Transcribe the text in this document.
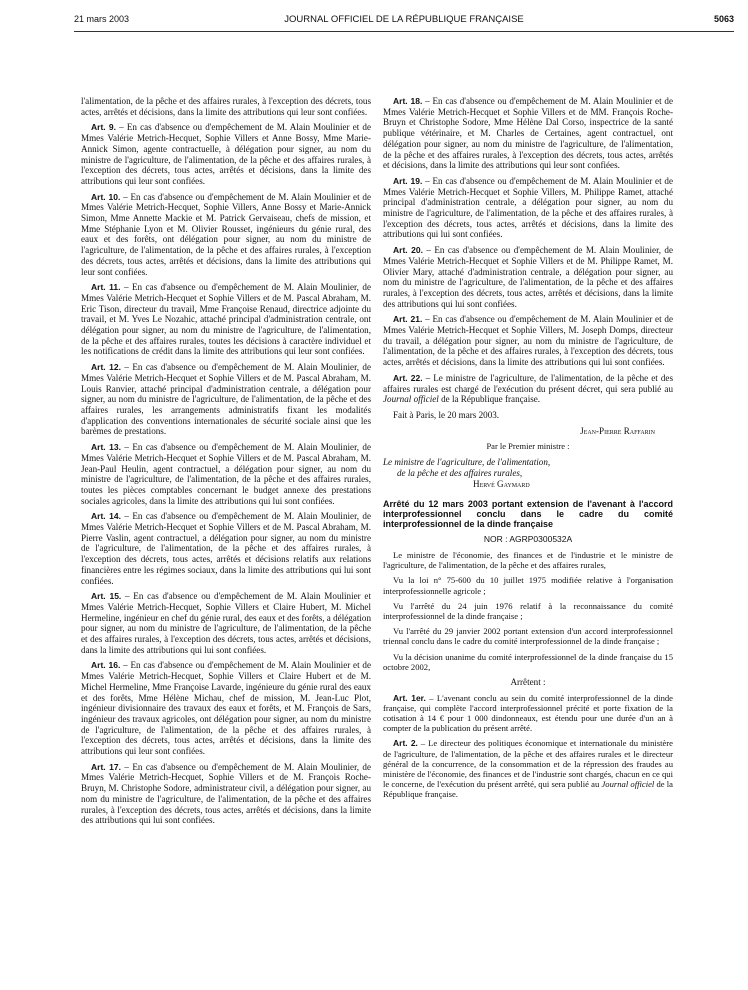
21 mars 2003	JOURNAL OFFICIEL DE LA RÉPUBLIQUE FRANÇAISE	5063

l'alimentation, de la pêche et des affaires rurales, à l'exception des décrets, tous actes, arrêtés et décisions, dans la limite des attributions qui leur sont confiées.

Art. 9. – En cas d'absence ou d'empêchement de M. Alain Moulinier et de Mmes Valérie Metrich-Hecquet, Sophie Villers et Anne Bossy, Mme Marie-Annick Simon, agente contractuelle, à délégation pour signer, au nom du ministre de l'agriculture, de l'alimentation, de la pêche et des affaires rurales, à l'exception des décrets, tous actes, arrêtés et décisions, dans la limite des attributions qui leur sont confiées.

Art. 10. – En cas d'absence ou d'empêchement de M. Alain Moulinier et de Mmes Valérie Metrich-Hecquet, Sophie Villers, Anne Bossy et Marie-Annick Simon, Mme Annette Mackie et M. Patrick Gervaiseau, chefs de mission, et Mme Stéphanie Lyon et M. Olivier Rousset, ingénieurs du génie rural, des eaux et des forêts, ont délégation pour signer, au nom du ministre de l'agriculture, de l'alimentation, de la pêche et des affaires rurales, à l'exception des décrets, tous actes, arrêtés et décisions, dans la limite des attributions qui leur sont confiées.

Art. 11. – En cas d'absence ou d'empêchement de M. Alain Moulinier, de Mmes Valérie Metrich-Hecquet et Sophie Villers et de M. Pascal Abraham, M. Eric Tison, directeur du travail, Mme Françoise Renaud, directrice adjointe du travail, et M. Yves Le Nozahic, attaché principal d'administration centrale, ont délégation pour signer, au nom du ministre de l'agriculture, de l'alimentation, de la pêche et des affaires rurales, toutes les décisions à caractère individuel et les notifications de crédit dans la limite des attributions qui leur sont confiées.

Art. 12. – En cas d'absence ou d'empêchement de M. Alain Moulinier, de Mmes Valérie Metrich-Hecquet et Sophie Villers et de M. Pascal Abraham, M. Louis Ranvier, attaché principal d'administration centrale, a délégation pour signer, au nom du ministre de l'agriculture, de l'alimentation, de la pêche et des affaires rurales, les arrangements administratifs fixant les modalités d'application des conventions internationales de sécurité sociale ainsi que les barèmes de prestations.

Art. 13. – En cas d'absence ou d'empêchement de M. Alain Moulinier, de Mmes Valérie Metrich-Hecquet et Sophie Villers et de M. Pascal Abraham, M. Jean-Paul Heulin, agent contractuel, a délégation pour signer, au nom du ministre de l'agriculture, de l'alimentation, de la pêche et des affaires rurales, toutes les pièces comptables concernant le budget annexe des prestations sociales agricoles, dans la limite des attributions qui lui sont confiées.

Art. 14. – En cas d'absence ou d'empêchement de M. Alain Moulinier, de Mmes Valérie Metrich-Hecquet et Sophie Villers et de M. Pascal Abraham, M. Pierre Vaslin, agent contractuel, a délégation pour signer, au nom du ministre de l'agriculture, de l'alimentation, de la pêche et des affaires rurales, à l'exception des décrets, tous actes, arrêtés et décisions relatifs aux relations financières entre les régimes sociaux, dans la limite des attributions qui lui sont confiées.

Art. 15. – En cas d'absence ou d'empêchement de M. Alain Moulinier et Mmes Valérie Metrich-Hecquet, Sophie Villers et Claire Hubert, M. Michel Hermeline, ingénieur en chef du génie rural, des eaux et des forêts, a délégation pour signer, au nom du ministre de l'agriculture, de l'alimentation, de la pêche et des affaires rurales, à l'exception des décrets, tous actes, arrêtés et décisions, dans la limite des attributions qui lui sont confiées.

Art. 16. – En cas d'absence ou d'empêchement de M. Alain Moulinier et de Mmes Valérie Metrich-Hecquet, Sophie Villers et Claire Hubert et de M. Michel Hermeline, Mme Françoise Lavarde, ingénieure du génie rural des eaux et des forêts, Mme Hélène Michau, chef de mission, M. Jean-Luc Plot, ingénieur divisionnaire des travaux des eaux et forêts, et M. François de Sars, ingénieur des travaux agricoles, ont délégation pour signer, au nom du ministre de l'agriculture, de l'alimentation, de la pêche et des affaires rurales, à l'exception des décrets, tous actes, arrêtés et décisions, dans la limite des attributions qui leur sont confiées.

Art. 17. – En cas d'absence ou d'empêchement de M. Alain Moulinier, de Mmes Valérie Metrich-Hecquet, Sophie Villers et de M. François Roche-Bruyn, M. Christophe Sodore, administrateur civil, a délégation pour signer, au nom du ministre de l'agriculture, de l'alimentation, de la pêche et des affaires rurales, à l'exception des décrets, tous actes, arrêtés et décisions, dans la limite des attributions qui lui sont confiées.

Art. 18. – En cas d'absence ou d'empêchement de M. Alain Moulinier et de Mmes Valérie Metrich-Hecquet et Sophie Villers et de MM. François Roche-Bruyn et Christophe Sodore, Mme Hélène Dal Corso, inspectrice de la santé publique vétérinaire, et M. Charles de Certaines, agent contractuel, ont délégation pour signer, au nom du ministre de l'agriculture, de l'alimentation, de la pêche et des affaires rurales, à l'exception des décrets, tous actes, arrêtés et décisions, dans la limite des attributions qui leur sont confiées.

Art. 19. – En cas d'absence ou d'empêchement de M. Alain Moulinier et de Mmes Valérie Metrich-Hecquet et Sophie Villers, M. Philippe Ramet, attaché principal d'administration centrale, a délégation pour signer, au nom du ministre de l'agriculture, de l'alimentation, de la pêche et des affaires rurales, à l'exception des décrets, tous actes, arrêtés et décisions, dans la limite des attributions qui lui sont confiées.

Art. 20. – En cas d'absence ou d'empêchement de M. Alain Moulinier, de Mmes Valérie Metrich-Hecquet et Sophie Villers et de M. Philippe Ramet, M. Olivier Mary, attaché d'administration centrale, a délégation pour signer, au nom du ministre de l'agriculture, de l'alimentation, de la pêche et des affaires rurales, à l'exception des décrets, tous actes, arrêtés et décisions, dans la limite des attributions qui lui sont confiées.

Art. 21. – En cas d'absence ou d'empêchement de M. Alain Moulinier et de Mmes Valérie Metrich-Hecquet et Sophie Villers, M. Joseph Domps, directeur du travail, a délégation pour signer, au nom du ministre de l'agriculture, de l'alimentation, de la pêche et des affaires rurales, à l'exception des décrets, tous actes, arrêtés et décisions, dans la limite des attributions qui lui sont confiées.

Art. 22. – Le ministre de l'agriculture, de l'alimentation, de la pêche et des affaires rurales est chargé de l'exécution du présent décret, qui sera publié au Journal officiel de la République française.

Fait à Paris, le 20 mars 2003.

Jean-Pierre Raffarin

Par le Premier ministre :

Le ministre de l'agriculture, de l'alimentation,

de la pêche et des affaires rurales,

Hervé Gaymard

Arrêté du 12 mars 2003 portant extension de l'avenant à l'accord interprofessionnel conclu dans le cadre du comité interprofessionnel de la dinde française

NOR : AGRP0300532A

Le ministre de l'économie, des finances et de l'industrie et le ministre de l'agriculture, de l'alimentation, de la pêche et des affaires rurales,

Vu la loi n° 75-600 du 10 juillet 1975 modifiée relative à l'organisation interprofessionnelle agricole ;

Vu l'arrêté du 24 juin 1976 relatif à la reconnaissance du comité interprofessionnel de la dinde française ;

Vu l'arrêté du 29 janvier 2002 portant extension d'un accord interprofessionnel triennal conclu dans le cadre du comité interprofessionnel de la dinde française ;

Vu la décision unanime du comité interprofessionnel de la dinde française du 15 octobre 2002,

Arrêtent :

Art. 1er. – L'avenant conclu au sein du comité interprofessionnel de la dinde française, qui complète l'accord interprofessionnel précité et porte fixation de la cotisation à 14 € pour 1 000 dindonneaux, est étendu pour une durée d'un an à compter de la publication du présent arrêté.

Art. 2. – Le directeur des politiques économique et internationale du ministère de l'agriculture, de l'alimentation, de la pêche et des affaires rurales et le directeur général de la concurrence, de la consommation et de la répression des fraudes au ministère de l'économie, des finances et de l'industrie sont chargés, chacun en ce qui le concerne, de l'exécution du présent arrêté, qui sera publié au Journal officiel de la République française.
